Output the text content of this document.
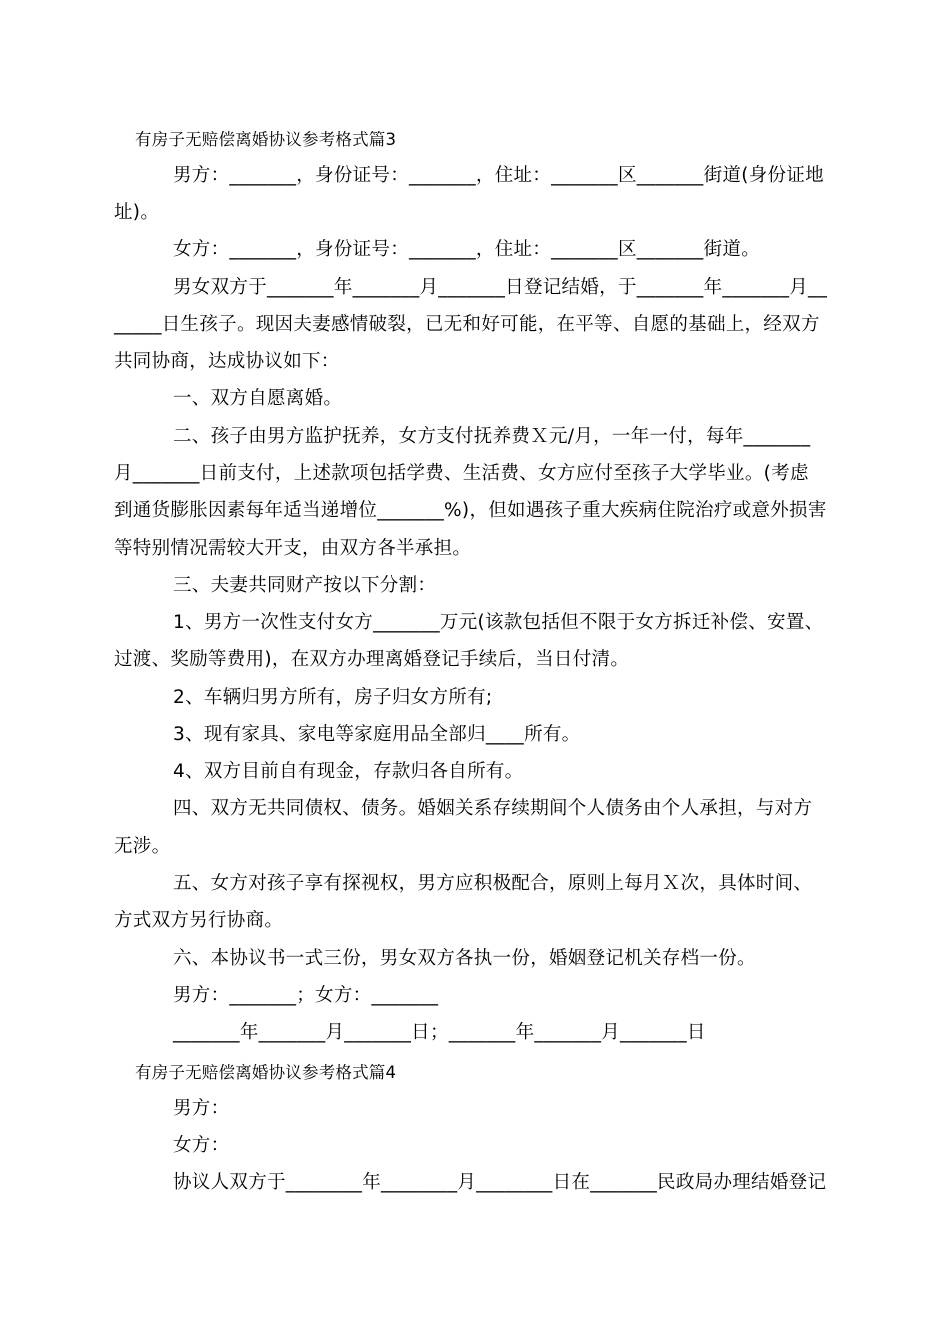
有房子无赔偿离婚协议参考格式篇3
男方：_______，身份证号：_______，住址：_______区_______街道(身份证地
址)。
女方：_______，身份证号：_______，住址：_______区_______街道。
男女双方于_______年_______月_______日登记结婚，于_______年_______月__
_____日生孩子。现因夫妻感情破裂，已无和好可能，在平等、自愿的基础上，经双方
共同协商，达成协议如下：
一、双方自愿离婚。
二、孩子由男方监护抚养，女方支付抚养费Ｘ元/月，一年一付，每年_______
月_______日前支付，上述款项包括学费、生活费、女方应付至孩子大学毕业。(考虑
到通货膨胀因素每年适当递增位_______%)，但如遇孩子重大疾病住院治疗或意外损害
等特别情况需较大开支，由双方各半承担。
三、夫妻共同财产按以下分割：
1、男方一次性支付女方_______万元(该款包括但不限于女方拆迁补偿、安置、
过渡、奖励等费用)，在双方办理离婚登记手续后，当日付清。
2、车辆归男方所有，房子归女方所有;
3、现有家具、家电等家庭用品全部归____所有。
4、双方目前自有现金，存款归各自所有。
四、双方无共同债权、债务。婚姻关系存续期间个人债务由个人承担，与对方
无涉。
五、女方对孩子享有探视权，男方应积极配合，原则上每月Ｘ次，具体时间、
方式双方另行协商。
六、本协议书一式三份，男女双方各执一份，婚姻登记机关存档一份。
男方：_______；女方：_______
_______年_______月_______日；_______年_______月_______日
有房子无赔偿离婚协议参考格式篇4
男方：
女方：
协议人双方于________年________月________日在_______民政局办理结婚登记
